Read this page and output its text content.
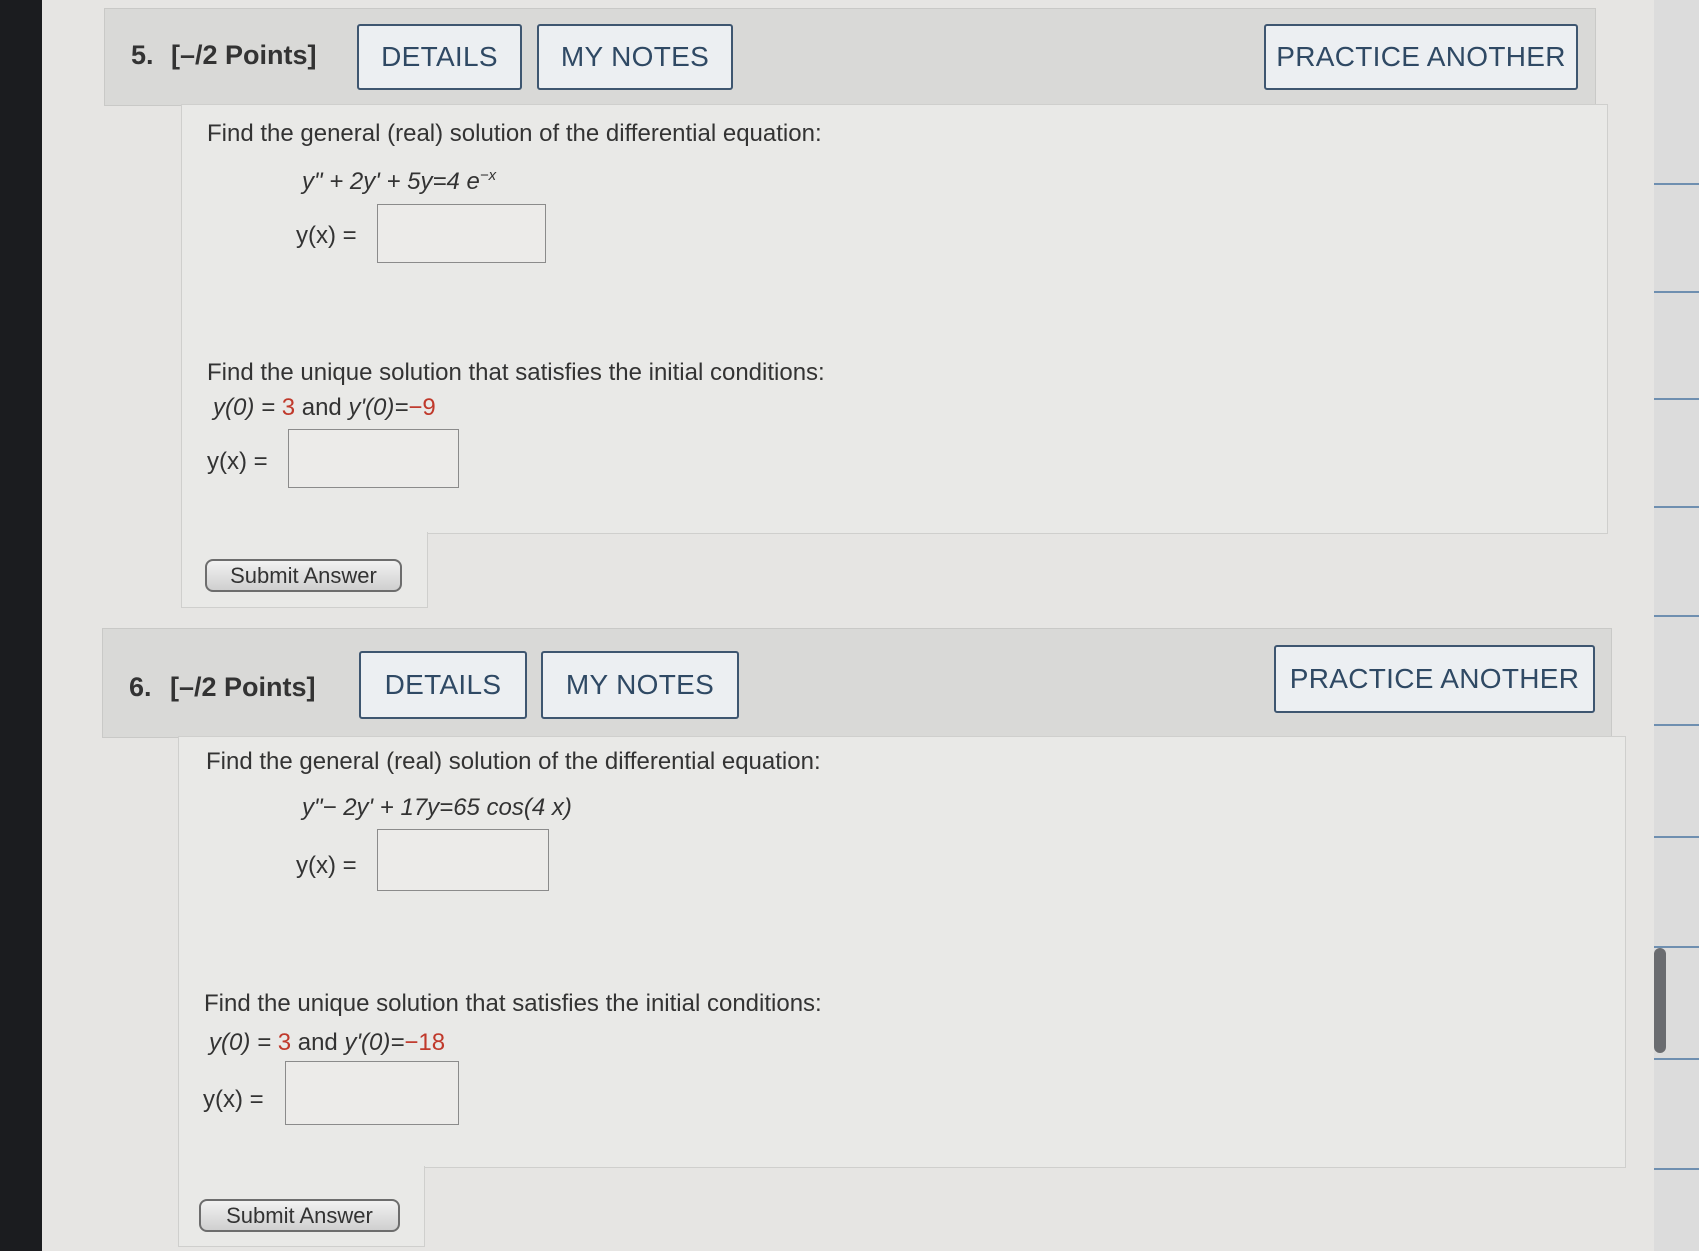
5. [–/2 Points]	DETAILS	MY NOTES	PRACTICE ANOTHER
Find the general (real) solution of the differential equation:
y" + 2y' + 5y=4 $e^{-x}$
y(x) =
Find the unique solution that satisfies the initial conditions:
y(0) = 3 and y'(0)=−9
y(x) =
Submit Answer
6. [–/2 Points]	DETAILS	MY NOTES	PRACTICE ANOTHER
Find the general (real) solution of the differential equation:
y"− 2y' + 17y=65 cos(4 x)
y(x) =
Find the unique solution that satisfies the initial conditions:
y(0) = 3 and y'(0)=−18
y(x) =
Submit Answer
